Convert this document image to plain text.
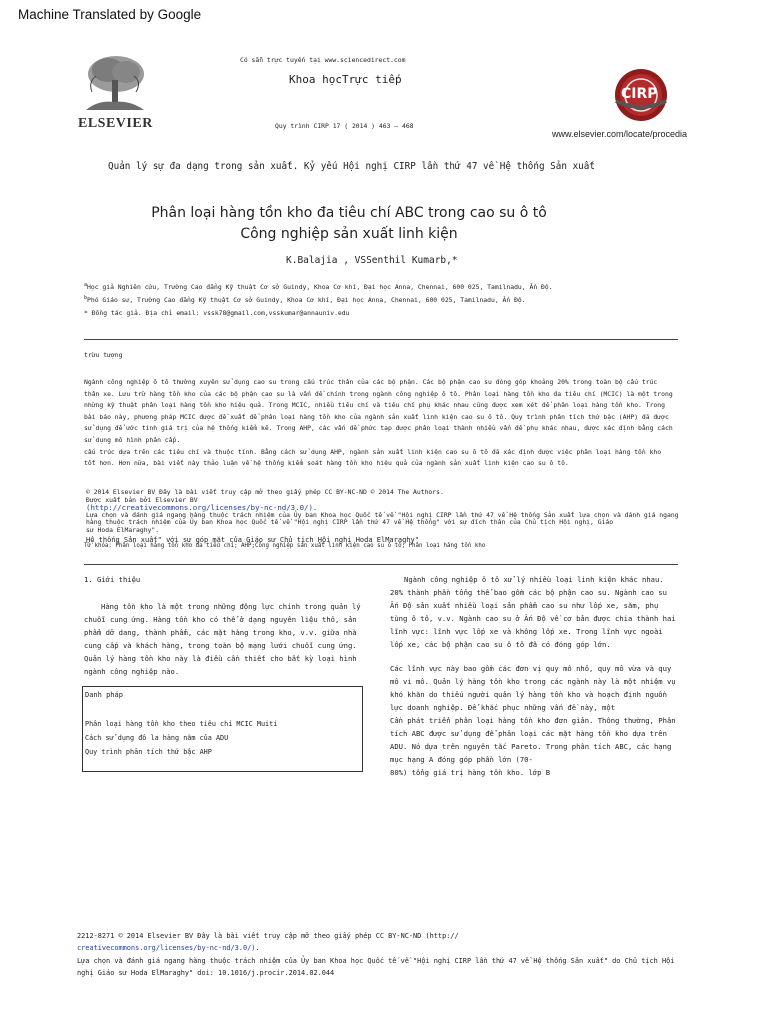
Machine Translated by Google
ELSEVIER
Có sẵn trực tuyến tại www.sciencedirect.com
Khoa họcTrực tiếp
Quy trình CIRP 17 ( 2014 ) 463 – 468
CIRP
www.elsevier.com/locate/procedia
Quản lý sự đa dạng trong sản xuất. Kỷ yếu Hội nghị CIRP lần thứ 47 về Hệ thống Sản xuất
Phân loại hàng tồn kho đa tiêu chí ABC trong cao su ô tô
Công nghiệp sản xuất linh kiện
K.Balajia , VSSenthil Kumarb,*
$^a$Học giả Nghiên cứu, Trường Cao đẳng Kỹ thuật Cơ sở Guindy, Khoa Cơ khí, Đại học Anna, Chennai, 600 025, Tamilnadu, Ấn Độ.
$^b$Phó Giáo sư, Trường Cao đẳng Kỹ thuật Cơ sở Guindy, Khoa Cơ khí, Đại học Anna, Chennai, 600 025, Tamilnadu, Ấn Độ.
* Đồng tác giả. Địa chỉ email: vssk78@gmail.com,vsskumar@annauniv.edu
trừu tượng
Ngành công nghiệp ô tô thường xuyên sử dụng cao su trong cấu trúc thân của các bộ phận. Các bộ phận cao su đóng góp khoảng 20% trong toàn bộ cấu trúc
thân xe. Lưu trữ hàng tồn kho của các bộ phận cao su là vấn đề chính trong ngành công nghiệp ô tô. Phân loại hàng tồn kho đa tiêu chí (MCIC) là một trong
những kỹ thuật phân loại hàng tồn kho hiệu quả. Trong MCIC, nhiều tiêu chí và tiêu chí phụ khác nhau cũng được xem xét để phân loại hàng tồn kho. Trong
bài báo này, phương pháp MCIC được đề xuất để phân loại hàng tồn kho của ngành sản xuất linh kiện cao su ô tô. Quy trình phân tích thứ bậc (AHP) đã được
sử dụng để ước tính giá trị của hệ thống kiểm kê. Trong AHP, các vấn đề phức tạp được phân loại thành nhiều vấn đề phụ khác nhau, được xác định bằng cách
sử dụng mô hình phân cấp.
cấu trúc dựa trên các tiêu chí và thuộc tính. Bằng cách sử dụng AHP, ngành sản xuất linh kiện cao su ô tô đã xác định được việc phân loại hàng tồn kho
tốt hơn. Hơn nữa, bài viết này thảo luận về hệ thống kiểm soát hàng tồn kho hiệu quả của ngành sản xuất linh kiện cao su ô tô.
© 2014 Elsevier BV Đây là bài viết truy cập mở theo giấy phép CC BY-NC-ND © 2014 The Authors.
Được xuất bản bởi Elsevier BV
(http://creativecommons.org/licenses/by-nc-nd/3.0/).
Lựa chọn và đánh giá ngang hàng thuộc trách nhiệm của Ủy ban Khoa học Quốc tế về "Hội nghị CIRP lần thứ 47 về Hệ thống Sản xuất lựa chọn và đánh giá ngang
hàng thuộc trách nhiệm của Ủy ban Khoa học Quốc tế về "Hội nghị CIRP lần thứ 47 về Hệ thống" với sự đích thân của Chủ tịch Hội nghị, Giáo
sư Hoda ElMaraghy".
Hệ thống Sản xuất" với sự góp mặt của Giáo sư Chủ tịch Hội nghị Hoda ElMaraghy"
Từ khóa: Phân loại hàng tồn kho đa tiêu chí; AHP;Công nghiệp sản xuất linh kiện cao su ô tô; Phân loại hàng tồn kho
1. Giới thiệu
Hàng tồn kho là một trong những động lực chính trong quản lý
chuỗi cung ứng. Hàng tồn kho có thể ở dạng nguyên liệu thô, sản
phẩm dở dang, thành phẩm, các mặt hàng trong kho, v.v. giữa nhà
cung cấp và khách hàng, trong toàn bộ mạng lưới chuỗi cung ứng.
Quản lý hàng tồn kho này là điều cần thiết cho bất kỳ loại hình
ngành công nghiệp nào.
Danh pháp
Phân loại hàng tồn kho theo tiêu chí MCIC Muiti
Cách sử dụng đô la hàng năm của ADU
Quy trình phân tích thứ bậc AHP
Ngành công nghiệp ô tô xử lý nhiều loại linh kiện khác nhau.
20% thành phần tổng thể bao gồm các bộ phận cao su. Ngành cao su
Ấn Độ sản xuất nhiều loại sản phẩm cao su như lốp xe, săm, phụ
tùng ô tô, v.v. Ngành cao su ở Ấn Độ về cơ bản được chia thành hai
lĩnh vực: lĩnh vực lốp xe và không lốp xe. Trong lĩnh vực ngoài
lốp xe, các bộ phận cao su ô tô đã có đóng góp lớn.
Các lĩnh vực này bao gồm các đơn vị quy mô nhỏ, quy mô vừa và quy
mô vi mô. Quản lý hàng tồn kho trong các ngành này là một nhiệm vụ
khó khăn do thiếu người quản lý hàng tồn kho và hoạch định nguồn
lực doanh nghiệp. Để khắc phục những vấn đề này, một
Cần phát triển phân loại hàng tồn kho đơn giản. Thông thường, Phân
tích ABC được sử dụng để phân loại các mặt hàng tồn kho dựa trên
ADU. Nó dựa trên nguyên tắc Pareto. Trong phân tích ABC, các hạng
mục hạng A đóng góp phần lớn (70-
80%) tổng giá trị hàng tồn kho. lớp B
2212-8271 © 2014 Elsevier BV Đây là bài viết truy cập mở theo giấy phép CC BY-NC-ND (http://
creativecommons.org/licenses/by-nc-nd/3.0/).
Lựa chọn và đánh giá ngang hàng thuộc trách nhiệm của Ủy ban Khoa học Quốc tế về "Hội nghị CIRP lần thứ 47 về Hệ thống Sản xuất" do Chủ tịch Hội
nghị Giáo sư Hoda ElMaraghy" doi: 10.1016/j.procir.2014.02.044
